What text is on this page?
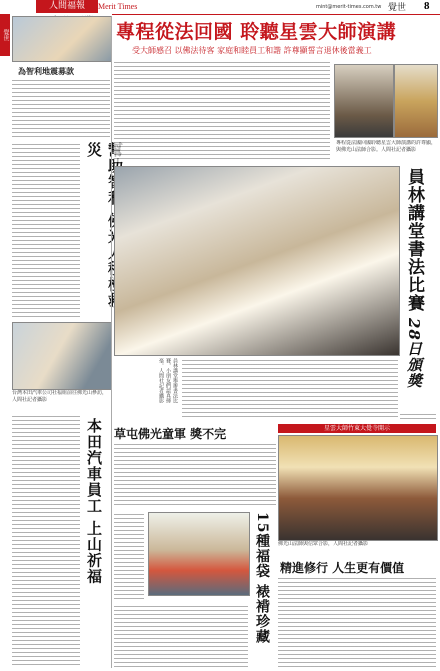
人間福報	Merit Times	mint@merit-times.com.tw 覺世 8
覺世
為智利地震募款
災
台灣本田汽車公司社福組前往佛光山參訪，人間社記者攝影
本田汽車員工 上山祈福
專程從法回國 聆聽星雲大師演講
受大師感召 以佛法待客 家庭和睦員工和諧 許尊顯誓言退休後當義工
專程從法國回國聆聽星雲大師演講的許尊顯，與佛光山法師合影。人間社記者攝影
員林講堂書法比賽
28日頒獎
員林講堂舉辦書法比賽，小朋友們認真揮毫。人間社記者攝影
草屯佛光童軍 獎不完
15種福袋 裱褙珍藏
星雲大師竹東大覺寺開示
佛光山法師與信眾合影，人間社記者攝影
精進修行 人生更有價值
